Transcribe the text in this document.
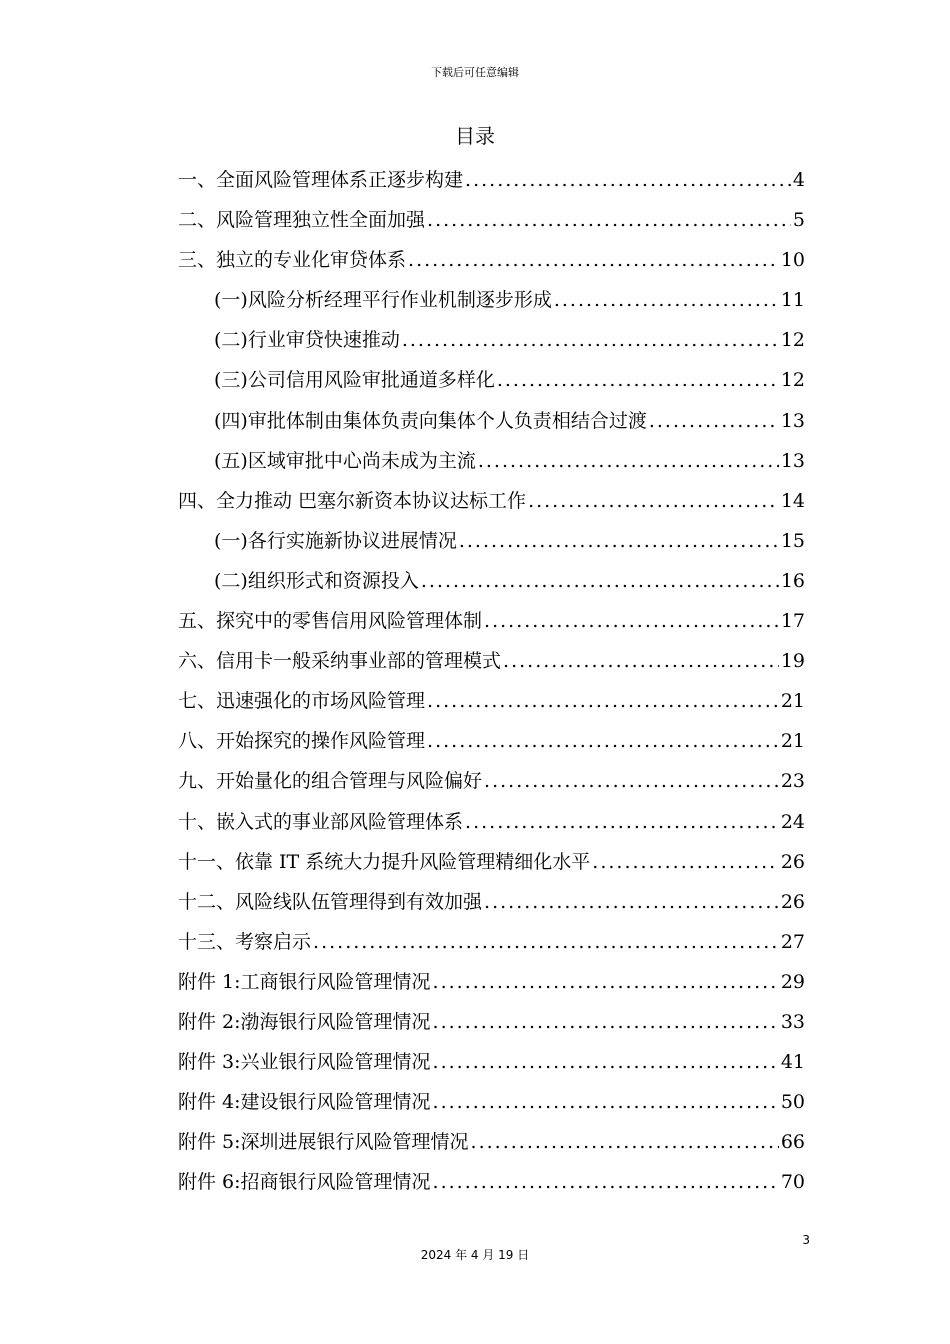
下载后可任意编辑
目录
一、 全面风险管理体系正逐步构建 .....	4
二、 风险管理独立性全面加强 .....	5
三、 独立的专业化审贷体系 .....	10
(一) 风险分析经理平行作业机制逐步形成 .....	11
(二) 行业审贷快速推动 .....	12
(三) 公司信用风险审批通道多样化 .....	12
(四) 审批体制由集体负责向集体个人负责相结合过渡 .....	13
(五) 区域审批中心尚未成为主流 .....	13
四、 全力推动 巴塞尔新资本协议达标工作 .....	14
(一) 各行实施新协议进展情况 .....	15
(二) 组织形式和资源投入 .....	16
五、 探究中的零售信用风险管理体制 .....	17
六、 信用卡一般采纳事业部的管理模式 .....	19
七、 迅速强化的市场风险管理 .....	21
八、 开始探究的操作风险管理 .....	21
九、 开始量化的组合管理与风险偏好 .....	23
十、 嵌入式的事业部风险管理体系 .....	24
十一、 依靠 IT 系统大力提升风险管理精细化水平 .....	26
十二、 风险线队伍管理得到有效加强 .....	26
十三、 考察启示 .....	27
附件 1: 工商银行风险管理情况 .....	29
附件 2: 渤海银行风险管理情况 .....	33
附件 3: 兴业银行风险管理情况 .....	41
附件 4: 建设银行风险管理情况 .....	50
附件 5: 深圳进展银行风险管理情况 .....	66
附件 6: 招商银行风险管理情况 .....	70
3
2024 年 4 月 19 日
